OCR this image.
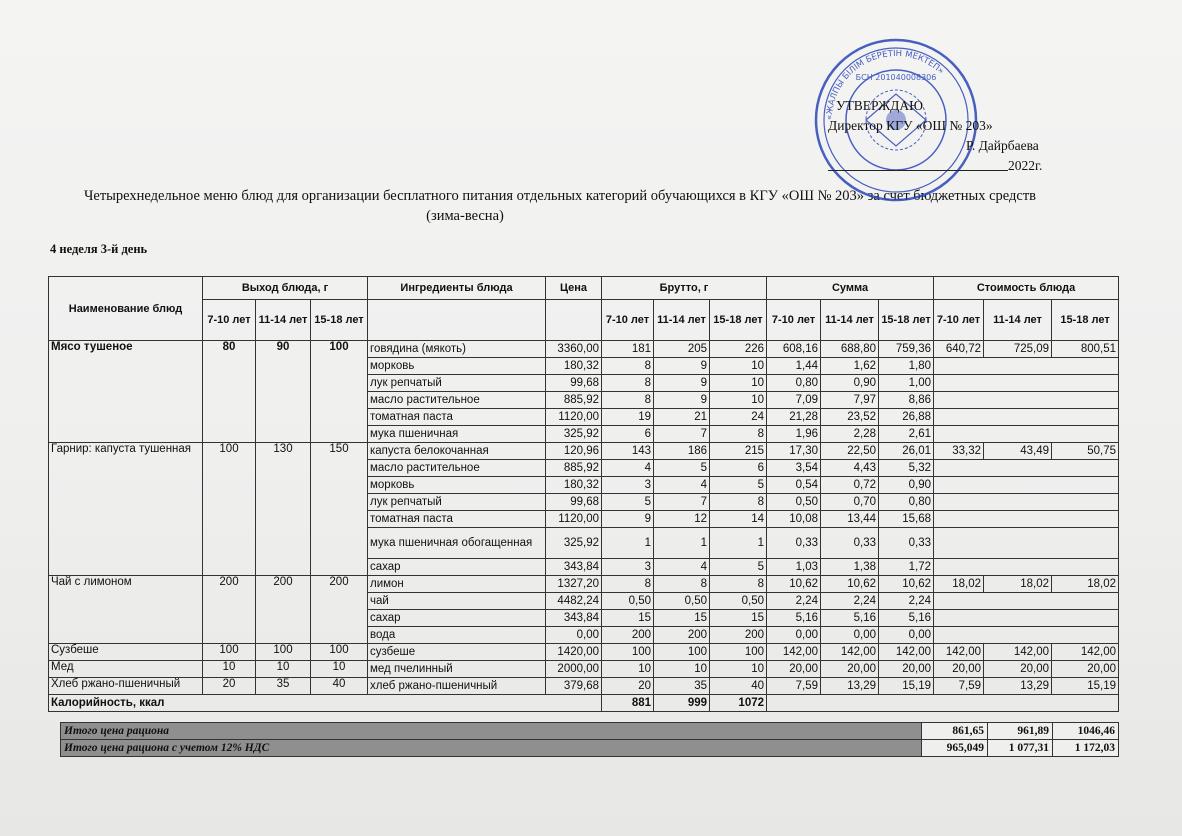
«ЖАЛПЫ БІЛІМ БЕРЕТІН МЕКТЕП»
БСН 201040008306
УТВЕРЖДАЮ
Директор КГУ «ОШ № 203»
Р. Дайрбаева
2022г.
Четырехнедельное меню блюд для организации бесплатного питания отдельных категорий обучающихся в КГУ «ОШ № 203» за счет бюджетных средств
(зима-весна)
4 неделя 3-й день
Наименование блюд	Выход блюда, г			Ингредиенты блюда	Цена	Брутто, г			Сумма			Стоимость блюда		
	7-10 лет	11-14 лет	15-18 лет			7-10 лет	11-14 лет	15-18 лет	7-10 лет	11-14 лет	15-18 лет	7-10 лет	11-14 лет	15-18 лет
Мясо тушеное	80	90	100	говядина (мякоть)	3360,00	181	205	226	608,16	688,80	759,36	640,72	725,09	800,51
				морковь	180,32	8	9	10	1,44	1,62	1,80			
				лук репчатый	99,68	8	9	10	0,80	0,90	1,00			
				масло растительное	885,92	8	9	10	7,09	7,97	8,86			
				томатная паста	1120,00	19	21	24	21,28	23,52	26,88			
				мука пшеничная	325,92	6	7	8	1,96	2,28	2,61			
Гарнир: капуста тушенная	100	130	150	капуста белокочанная	120,96	143	186	215	17,30	22,50	26,01	33,32	43,49	50,75
				масло растительное	885,92	4	5	6	3,54	4,43	5,32			
				морковь	180,32	3	4	5	0,54	0,72	0,90			
				лук репчатый	99,68	5	7	8	0,50	0,70	0,80			
				томатная паста	1120,00	9	12	14	10,08	13,44	15,68			
				мука пшеничная обогащенная	325,92	1	1	1	0,33	0,33	0,33			
				сахар	343,84	3	4	5	1,03	1,38	1,72			
Чай с лимоном	200	200	200	лимон	1327,20	8	8	8	10,62	10,62	10,62	18,02	18,02	18,02
				чай	4482,24	0,50	0,50	0,50	2,24	2,24	2,24			
				сахар	343,84	15	15	15	5,16	5,16	5,16			
				вода	0,00	200	200	200	0,00	0,00	0,00			
Сузбеше	100	100	100	сузбеше	1420,00	100	100	100	142,00	142,00	142,00	142,00	142,00	142,00
Мед	10	10	10	мед пчелинный	2000,00	10	10	10	20,00	20,00	20,00	20,00	20,00	20,00
Хлеб ржано-пшеничный	20	35	40	хлеб ржано-пшеничный	379,68	20	35	40	7,59	13,29	15,19	7,59	13,29	15,19
Калорийность, ккал						881	999	1072						
Итого цена рациона	861,65	961,89	1046,46
Итого цена рациона с учетом 12% НДС	965,049	1 077,31	1 172,03
